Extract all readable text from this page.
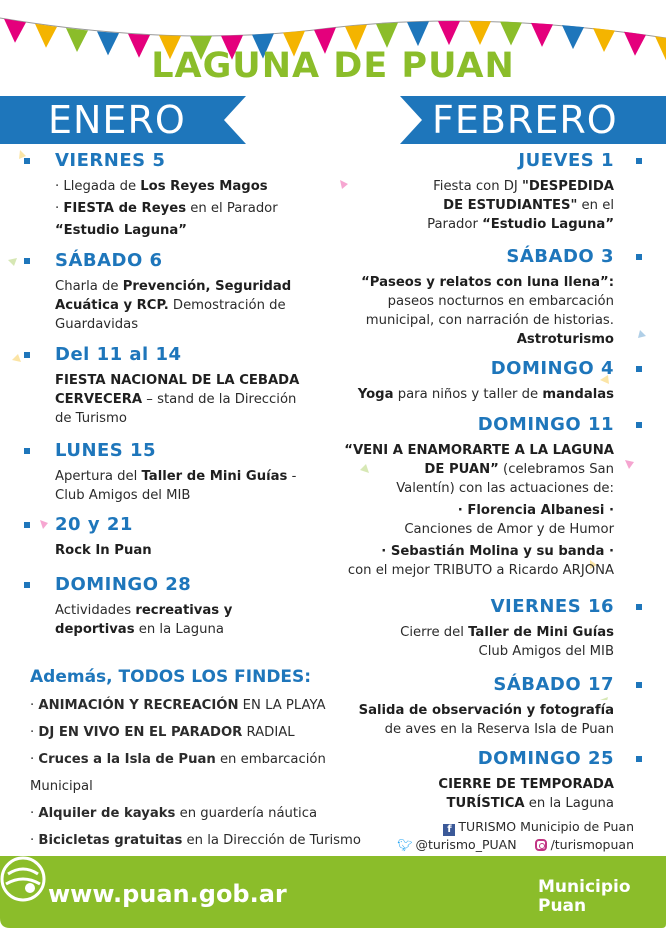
LAGUNA DE PUAN
ENERO	FEBRERO
VIERNES 5
· Llegada de Los Reyes Magos
· FIESTA de Reyes en el Parador
“Estudio Laguna”
SÁBADO 6
Charla de Prevención, Seguridad
Acuática y RCP. Demostración de
Guardavidas
Del 11 al 14
FIESTA NACIONAL DE LA CEBADA
CERVECERA – stand de la Dirección
de Turismo
LUNES 15
Apertura del Taller de Mini Guías -
Club Amigos del MIB
20 y 21
Rock In Puan
DOMINGO 28
Actividades recreativas y
deportivas en la Laguna
JUEVES 1
Fiesta con DJ "DESPEDIDA
DE ESTUDIANTES" en el
Parador “Estudio Laguna”
SÁBADO 3
“Paseos y relatos con luna llena”:
paseos nocturnos en embarcación
municipal, con narración de historias.
Astroturismo
DOMINGO 4
Yoga para niños y taller de mandalas
DOMINGO 11
“VENI A ENAMORARTE A LA LAGUNA
DE PUAN” (celebramos San
Valentín) con las actuaciones de:
· Florencia Albanesi ·
Canciones de Amor y de Humor
· Sebastián Molina y su banda ·
con el mejor TRIBUTO a Ricardo ARJONA
VIERNES 16
Cierre del Taller de Mini Guías
Club Amigos del MIB
SÁBADO 17
Salida de observación y fotografía
de aves en la Reserva Isla de Puan
DOMINGO 25
CIERRE DE TEMPORADA
TURÍSTICA en la Laguna
Además, TODOS LOS FINDES:
· ANIMACIÓN Y RECREACIÓN EN LA PLAYA
· DJ EN VIVO EN EL PARADOR RADIAL
· Cruces a la Isla de Puan en embarcación Municipal
· Alquiler de kayaks en guardería náutica
· Bicicletas gratuitas en la Dirección de Turismo
f TURISMO Municipio de Puan
🐦︎ @turismo_PUAN	/turismopuan
www.puan.gob.ar	Municipio
Puan
